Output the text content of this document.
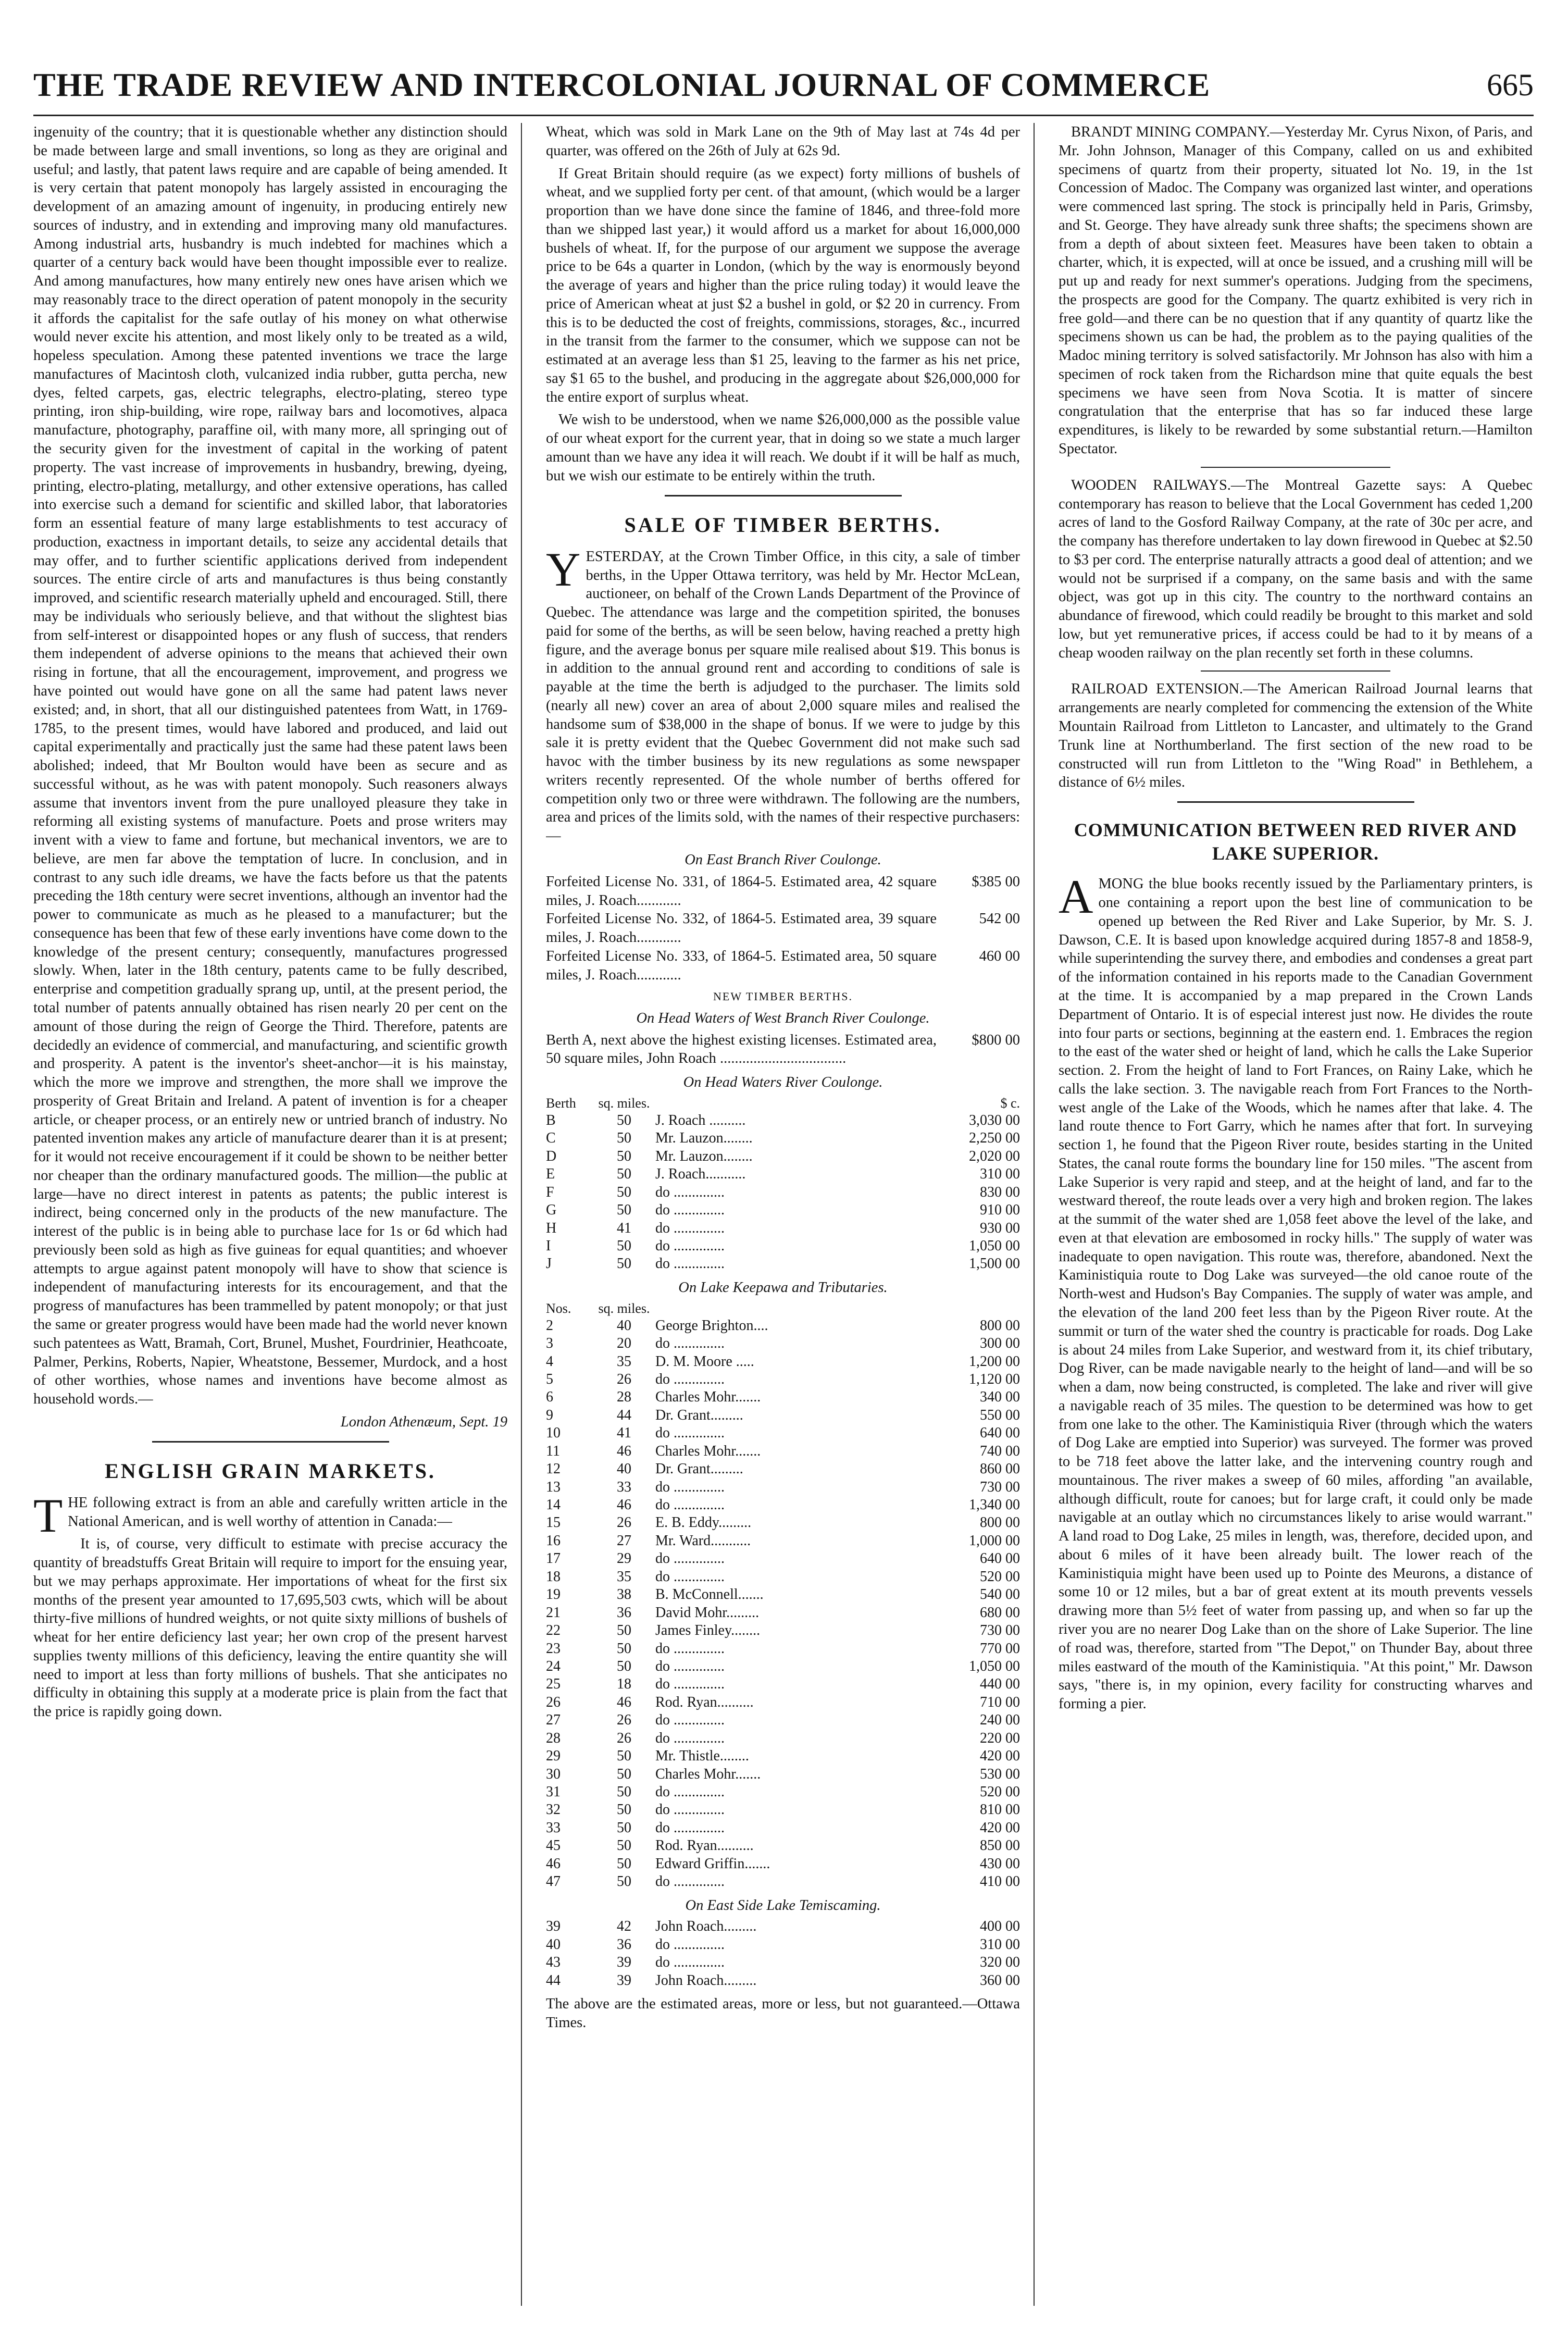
THE TRADE REVIEW AND INTERCOLONIAL JOURNAL OF COMMERCE	665

ingenuity of the country; that it is questionable whether any distinction should be made between large and small inventions, so long as they are original and useful; and lastly, that patent laws require and are capable of being amended. It is very certain that patent monopoly has largely assisted in encouraging the development of an amazing amount of ingenuity, in producing entirely new sources of industry, and in extending and improving many old manufactures. Among industrial arts, husbandry is much indebted for machines which a quarter of a century back would have been thought impossible ever to realize. And among manufactures, how many entirely new ones have arisen which we may reasonably trace to the direct operation of patent monopoly in the security it affords the capitalist for the safe outlay of his money on what otherwise would never excite his attention, and most likely only to be treated as a wild, hopeless speculation. Among these patented inventions we trace the large manufactures of Macintosh cloth, vulcanized india rubber, gutta percha, new dyes, felted carpets, gas, electric telegraphs, electro-plating, stereo type printing, iron ship-building, wire rope, railway bars and locomotives, alpaca manufacture, photography, paraffine oil, with many more, all springing out of the security given for the investment of capital in the working of patent property. The vast increase of improvements in husbandry, brewing, dyeing, printing, electro-plating, metallurgy, and other extensive operations, has called into exercise such a demand for scientific and skilled labor, that laboratories form an essential feature of many large establishments to test accuracy of production, exactness in important details, to seize any accidental details that may offer, and to further scientific applications derived from independent sources. The entire circle of arts and manufactures is thus being constantly improved, and scientific research materially upheld and encouraged. Still, there may be individuals who seriously believe, and that without the slightest bias from self-interest or disappointed hopes or any flush of success, that renders them independent of adverse opinions to the means that achieved their own rising in fortune, that all the encouragement, improvement, and progress we have pointed out would have gone on all the same had patent laws never existed; and, in short, that all our distinguished patentees from Watt, in 1769-1785, to the present times, would have labored and produced, and laid out capital experimentally and practically just the same had these patent laws been abolished; indeed, that Mr Boulton would have been as secure and as successful without, as he was with patent monopoly. Such reasoners always assume that inventors invent from the pure unalloyed pleasure they take in reforming all existing systems of manufacture. Poets and prose writers may invent with a view to fame and fortune, but mechanical inventors, we are to believe, are men far above the temptation of lucre. In conclusion, and in contrast to any such idle dreams, we have the facts before us that the patents preceding the 18th century were secret inventions, although an inventor had the power to communicate as much as he pleased to a manufacturer; but the consequence has been that few of these early inventions have come down to the knowledge of the present century; consequently, manufactures progressed slowly. When, later in the 18th century, patents came to be fully described, enterprise and competition gradually sprang up, until, at the present period, the total number of patents annually obtained has risen nearly 20 per cent on the amount of those during the reign of George the Third. Therefore, patents are decidedly an evidence of commercial, and manufacturing, and scientific growth and prosperity. A patent is the inventor's sheet-anchor—it is his mainstay, which the more we improve and strengthen, the more shall we improve the prosperity of Great Britain and Ireland. A patent of invention is for a cheaper article, or cheaper process, or an entirely new or untried branch of industry. No patented invention makes any article of manufacture dearer than it is at present; for it would not receive encouragement if it could be shown to be neither better nor cheaper than the ordinary manufactured goods. The million—the public at large—have no direct interest in patents as patents; the public interest is indirect, being concerned only in the products of the new manufacture. The interest of the public is in being able to purchase lace for 1s or 6d which had previously been sold as high as five guineas for equal quantities; and whoever attempts to argue against patent monopoly will have to show that science is independent of manufacturing interests for its encouragement, and that the progress of manufactures has been trammelled by patent monopoly; or that just the same or greater progress would have been made had the world never known such patentees as Watt, Bramah, Cort, Brunel, Mushet, Fourdrinier, Heathcoate, Palmer, Perkins, Roberts, Napier, Wheatstone, Bessemer, Murdock, and a host of other worthies, whose names and inventions have become almost as household words.—

London Athenæum, Sept. 19

ENGLISH GRAIN MARKETS.

THE following extract is from an able and carefully written article in the National American, and is well worthy of attention in Canada:—

It is, of course, very difficult to estimate with precise accuracy the quantity of breadstuffs Great Britain will require to import for the ensuing year, but we may perhaps approximate. Her importations of wheat for the first six months of the present year amounted to 17,695,503 cwts, which will be about thirty-five millions of hundred weights, or not quite sixty millions of bushels of wheat for her entire deficiency last year; her own crop of the present harvest supplies twenty millions of this deficiency, leaving the entire quantity she will need to import at less than forty millions of bushels. That she anticipates no difficulty in obtaining this supply at a moderate price is plain from the fact that the price is rapidly going down.

Wheat, which was sold in Mark Lane on the 9th of May last at 74s 4d per quarter, was offered on the 26th of July at 62s 9d.

If Great Britain should require (as we expect) forty millions of bushels of wheat, and we supplied forty per cent. of that amount, (which would be a larger proportion than we have done since the famine of 1846, and three-fold more than we shipped last year,) it would afford us a market for about 16,000,000 bushels of wheat. If, for the purpose of our argument we suppose the average price to be 64s a quarter in London, (which by the way is enormously beyond the average of years and higher than the price ruling today) it would leave the price of American wheat at just $2 a bushel in gold, or $2 20 in currency. From this is to be deducted the cost of freights, commissions, storages, &c., incurred in the transit from the farmer to the consumer, which we suppose can not be estimated at an average less than $1 25, leaving to the farmer as his net price, say $1 65 to the bushel, and producing in the aggregate about $26,000,000 for the entire export of surplus wheat.

We wish to be understood, when we name $26,000,000 as the possible value of our wheat export for the current year, that in doing so we state a much larger amount than we have any idea it will reach. We doubt if it will be half as much, but we wish our estimate to be entirely within the truth.

SALE OF TIMBER BERTHS.

YESTERDAY, at the Crown Timber Office, in this city, a sale of timber berths, in the Upper Ottawa territory, was held by Mr. Hector McLean, auctioneer, on behalf of the Crown Lands Department of the Province of Quebec. The attendance was large and the competition spirited, the bonuses paid for some of the berths, as will be seen below, having reached a pretty high figure, and the average bonus per square mile realised about $19. This bonus is in addition to the annual ground rent and according to conditions of sale is payable at the time the berth is adjudged to the purchaser. The limits sold (nearly all new) cover an area of about 2,000 square miles and realised the handsome sum of $38,000 in the shape of bonus. If we were to judge by this sale it is pretty evident that the Quebec Government did not make such sad havoc with the timber business by its new regulations as some newspaper writers recently represented. Of the whole number of berths offered for competition only two or three were withdrawn. The following are the numbers, area and prices of the limits sold, with the names of their respective purchasers:—

On East Branch River Coulonge.
Forfeited License No. 331, of 1864-5. Estimated area, 42 square miles, J. Roach............
$385 00
Forfeited License No. 332, of 1864-5. Estimated area, 39 square miles, J. Roach............
542 00
Forfeited License No. 333, of 1864-5. Estimated area, 50 square miles, J. Roach............
460 00
NEW TIMBER BERTHS.
On Head Waters of West Branch River Coulonge.
Berth A, next above the highest existing licenses. Estimated area, 50 square miles, John Roach ..................................
$800 00
On Head Waters River Coulonge.
Berth	sq. miles.	$ c.
B	50	J. Roach ..........	3,030 00
C	50	Mr. Lauzon........	2,250 00
D	50	Mr. Lauzon........	2,020 00
E	50	J. Roach...........	310 00
F	50	do ..............	830 00
G	50	do ..............	910 00
H	41	do ..............	930 00
I	50	do ..............	1,050 00
J	50	do ..............	1,500 00
On Lake Keepawa and Tributaries.
Nos.	sq. miles.
2	40	George Brighton....	800 00
3	20	do ..............	300 00
4	35	D. M. Moore .....	1,200 00
5	26	do ..............	1,120 00
6	28	Charles Mohr.......	340 00
9	44	Dr. Grant.........	550 00
10	41	do ..............	640 00
11	46	Charles Mohr.......	740 00
12	40	Dr. Grant.........	860 00
13	33	do ..............	730 00
14	46	do ..............	1,340 00
15	26	E. B. Eddy.........	800 00
16	27	Mr. Ward...........	1,000 00
17	29	do ..............	640 00
18	35	do ..............	520 00
19	38	B. McConnell.......	540 00
21	36	David Mohr.........	680 00
22	50	James Finley........	730 00
23	50	do ..............	770 00
24	50	do ..............	1,050 00
25	18	do ..............	440 00
26	46	Rod. Ryan..........	710 00
27	26	do ..............	240 00
28	26	do ..............	220 00
29	50	Mr. Thistle........	420 00
30	50	Charles Mohr.......	530 00
31	50	do ..............	520 00
32	50	do ..............	810 00
33	50	do ..............	420 00
45	50	Rod. Ryan..........	850 00
46	50	Edward Griffin.......	430 00
47	50	do ..............	410 00
On East Side Lake Temiscaming.
39	42	John Roach.........	400 00
40	36	do ..............	310 00
43	39	do ..............	320 00
44	39	John Roach.........	360 00

The above are the estimated areas, more or less, but not guaranteed.—Ottawa Times.

BRANDT MINING COMPANY.—Yesterday Mr. Cyrus Nixon, of Paris, and Mr. John Johnson, Manager of this Company, called on us and exhibited specimens of quartz from their property, situated lot No. 19, in the 1st Concession of Madoc. The Company was organized last winter, and operations were commenced last spring. The stock is principally held in Paris, Grimsby, and St. George. They have already sunk three shafts; the specimens shown are from a depth of about sixteen feet. Measures have been taken to obtain a charter, which, it is expected, will at once be issued, and a crushing mill will be put up and ready for next summer's operations. Judging from the specimens, the prospects are good for the Company. The quartz exhibited is very rich in free gold—and there can be no question that if any quantity of quartz like the specimens shown us can be had, the problem as to the paying qualities of the Madoc mining territory is solved satisfactorily. Mr Johnson has also with him a specimen of rock taken from the Richardson mine that quite equals the best specimens we have seen from Nova Scotia. It is matter of sincere congratulation that the enterprise that has so far induced these large expenditures, is likely to be rewarded by some substantial return.—Hamilton Spectator.

WOODEN RAILWAYS.—The Montreal Gazette says: A Quebec contemporary has reason to believe that the Local Government has ceded 1,200 acres of land to the Gosford Railway Company, at the rate of 30c per acre, and the company has therefore undertaken to lay down firewood in Quebec at $2.50 to $3 per cord. The enterprise naturally attracts a good deal of attention; and we would not be surprised if a company, on the same basis and with the same object, was got up in this city. The country to the northward contains an abundance of firewood, which could readily be brought to this market and sold low, but yet remunerative prices, if access could be had to it by means of a cheap wooden railway on the plan recently set forth in these columns.

RAILROAD EXTENSION.—The American Railroad Journal learns that arrangements are nearly completed for commencing the extension of the White Mountain Railroad from Littleton to Lancaster, and ultimately to the Grand Trunk line at Northumberland. The first section of the new road to be constructed will run from Littleton to the "Wing Road" in Bethlehem, a distance of 6½ miles.

COMMUNICATION BETWEEN RED RIVER AND LAKE SUPERIOR.

AMONG the blue books recently issued by the Parliamentary printers, is one containing a report upon the best line of communication to be opened up between the Red River and Lake Superior, by Mr. S. J. Dawson, C.E. It is based upon knowledge acquired during 1857-8 and 1858-9, while superintending the survey there, and embodies and condenses a great part of the information contained in his reports made to the Canadian Government at the time. It is accompanied by a map prepared in the Crown Lands Department of Ontario. It is of especial interest just now. He divides the route into four parts or sections, beginning at the eastern end. 1. Embraces the region to the east of the water shed or height of land, which he calls the Lake Superior section. 2. From the height of land to Fort Frances, on Rainy Lake, which he calls the lake section. 3. The navigable reach from Fort Frances to the North-west angle of the Lake of the Woods, which he names after that lake. 4. The land route thence to Fort Garry, which he names after that fort. In surveying section 1, he found that the Pigeon River route, besides starting in the United States, the canal route forms the boundary line for 150 miles. "The ascent from Lake Superior is very rapid and steep, and at the height of land, and far to the westward thereof, the route leads over a very high and broken region. The lakes at the summit of the water shed are 1,058 feet above the level of the lake, and even at that elevation are embosomed in rocky hills." The supply of water was inadequate to open navigation. This route was, therefore, abandoned. Next the Kaministiquia route to Dog Lake was surveyed—the old canoe route of the North-west and Hudson's Bay Companies. The supply of water was ample, and the elevation of the land 200 feet less than by the Pigeon River route. At the summit or turn of the water shed the country is practicable for roads. Dog Lake is about 24 miles from Lake Superior, and westward from it, its chief tributary, Dog River, can be made navigable nearly to the height of land—and will be so when a dam, now being constructed, is completed. The lake and river will give a navigable reach of 35 miles. The question to be determined was how to get from one lake to the other. The Kaministiquia River (through which the waters of Dog Lake are emptied into Superior) was surveyed. The former was proved to be 718 feet above the latter lake, and the intervening country rough and mountainous. The river makes a sweep of 60 miles, affording "an available, although difficult, route for canoes; but for large craft, it could only be made navigable at an outlay which no circumstances likely to arise would warrant." A land road to Dog Lake, 25 miles in length, was, therefore, decided upon, and about 6 miles of it have been already built. The lower reach of the Kaministiquia might have been used up to Pointe des Meurons, a distance of some 10 or 12 miles, but a bar of great extent at its mouth prevents vessels drawing more than 5½ feet of water from passing up, and when so far up the river you are no nearer Dog Lake than on the shore of Lake Superior. The line of road was, therefore, started from "The Depot," on Thunder Bay, about three miles eastward of the mouth of the Kaministiquia. "At this point," Mr. Dawson says, "there is, in my opinion, every facility for constructing wharves and forming a pier.
